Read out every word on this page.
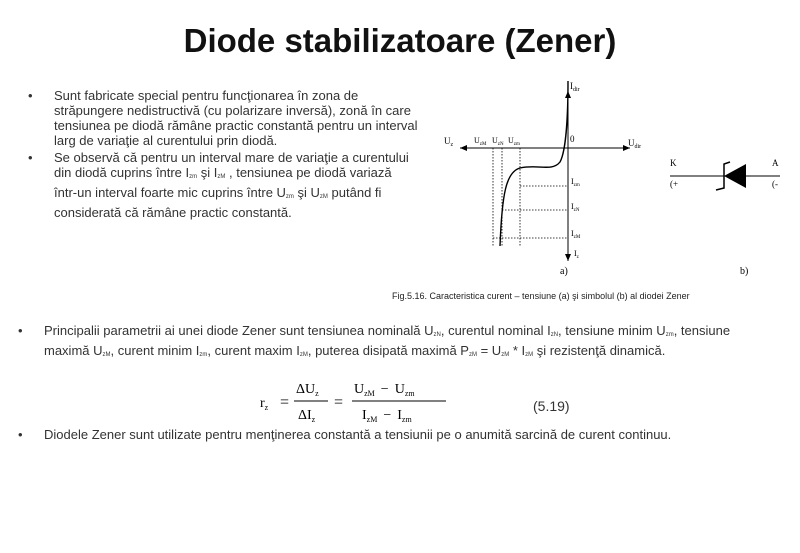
Diode stabilizatoare (Zener)
• Sunt fabricate special pentru funcţionarea în zona de străpungere nedistructivă (cu polarizare inversă), zonă în care tensiunea pe diodă rămâne practic constantă pentru un interval larg de variaţie al curentului prin diodă.
• Se observă că pentru un interval mare de variaţie a curentului din diodă cuprins între $I_{zm}$ şi $I_{zM}$ , tensiunea pe diodă variază într-un interval foarte mic cuprins între $U_{zm}$ şi $U_{zM}$ putând fi considerată că rămâne practic constantă.
$I_{dir}$
$U_{dir}$
$U_z$
0
$U_{zM}$ $U_{zN}$ $U_{zm}$
$I_{zm}$
$I_{zN}$
$I_{zM}$
$I_z$
a)	b)
K	A
(+	(-
Fig.5.16. Caracteristica curent – tensiune (a) şi simbolul (b) al diodei Zener
• Principalii parametrii ai unei diode Zener sunt tensiunea nominală $U_{zN}$, curentul nominal $I_{zN}$, tensiune minim $U_{zm}$, tensiune maximă $U_{zM}$, curent minim $I_{zm}$, curent maxim $I_{zM}$, puterea disipată maximă $P_{zM} = U_{zM} * I_{zM}$ şi rezistenţă dinamică.
• Diodele Zener sunt utilizate pentru menţinerea constantă a tensiunii pe o anumită sarcină de curent continuu.
$r_z$ =
$\Delta U_z$
$\Delta I_z$
=
$U_{zM} - U_{zm}$
$I_{zM} - I_{zm}$
(5.19)
